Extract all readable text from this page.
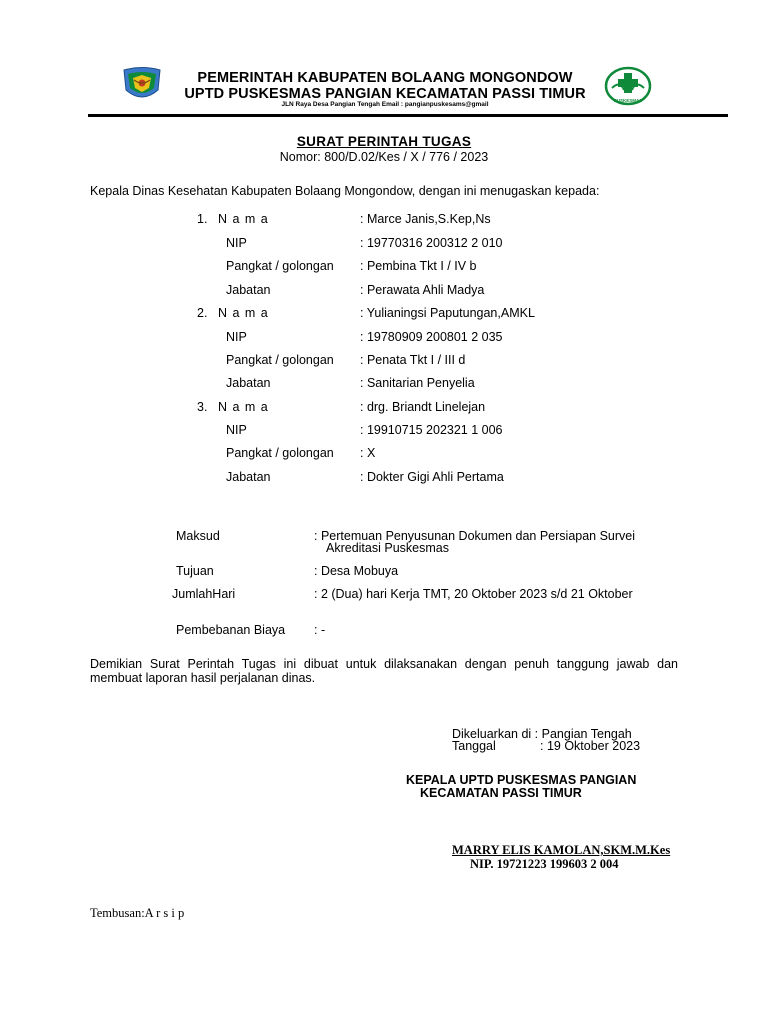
PEMERINTAH KABUPATEN BOLAANG MONGONDOW
UPTD PUSKESMAS PANGIAN KECAMATAN PASSI TIMUR
JLN Raya Desa Pangian Tengah Email : pangianpuskesams@gmail
PUSKESMAS
SURAT PERINTAH TUGAS
Nomor: 800/D.02/Kes / X / 776 / 2023
Kepala Dinas Kesehatan Kabupaten Bolaang Mongondow, dengan ini menugaskan kepada:
1. N a m a	: Marce Janis,S.Kep,Ns
NIP	: 19770316 200312 2 010
Pangkat / golongan : Pembina Tkt I / IV b
Jabatan	: Perawata Ahli Madya
2. N a m a	: Yulianingsi Paputungan,AMKL
NIP	: 19780909 200801 2 035
Pangkat / golongan : Penata Tkt I / III d
Jabatan	: Sanitarian Penyelia
3. N a m a	: drg. Briandt Linelejan
NIP	: 19910715 202321 1 006
Pangkat / golongan : X
Jabatan	: Dokter Gigi Ahli Pertama
Maksud	: Pertemuan Penyusunan Dokumen dan Persiapan Survei
Akreditasi Puskesmas
Tujuan	: Desa Mobuya
JumlahHari	: 2 (Dua) hari Kerja TMT, 20 Oktober 2023 s/d 21 Oktober
Pembebanan Biaya : -
Demikian Surat Perintah Tugas ini dibuat untuk dilaksanakan dengan penuh tanggung jawab dan membuat laporan hasil perjalanan dinas.
Dikeluarkan di : Pangian Tengah
Tanggal	: 19 Oktober 2023
KEPALA UPTD PUSKESMAS PANGIAN
KECAMATAN PASSI TIMUR
MARRY ELIS KAMOLAN,SKM.M.Kes
NIP. 19721223 199603 2 004
Tembusan:A r s i p
